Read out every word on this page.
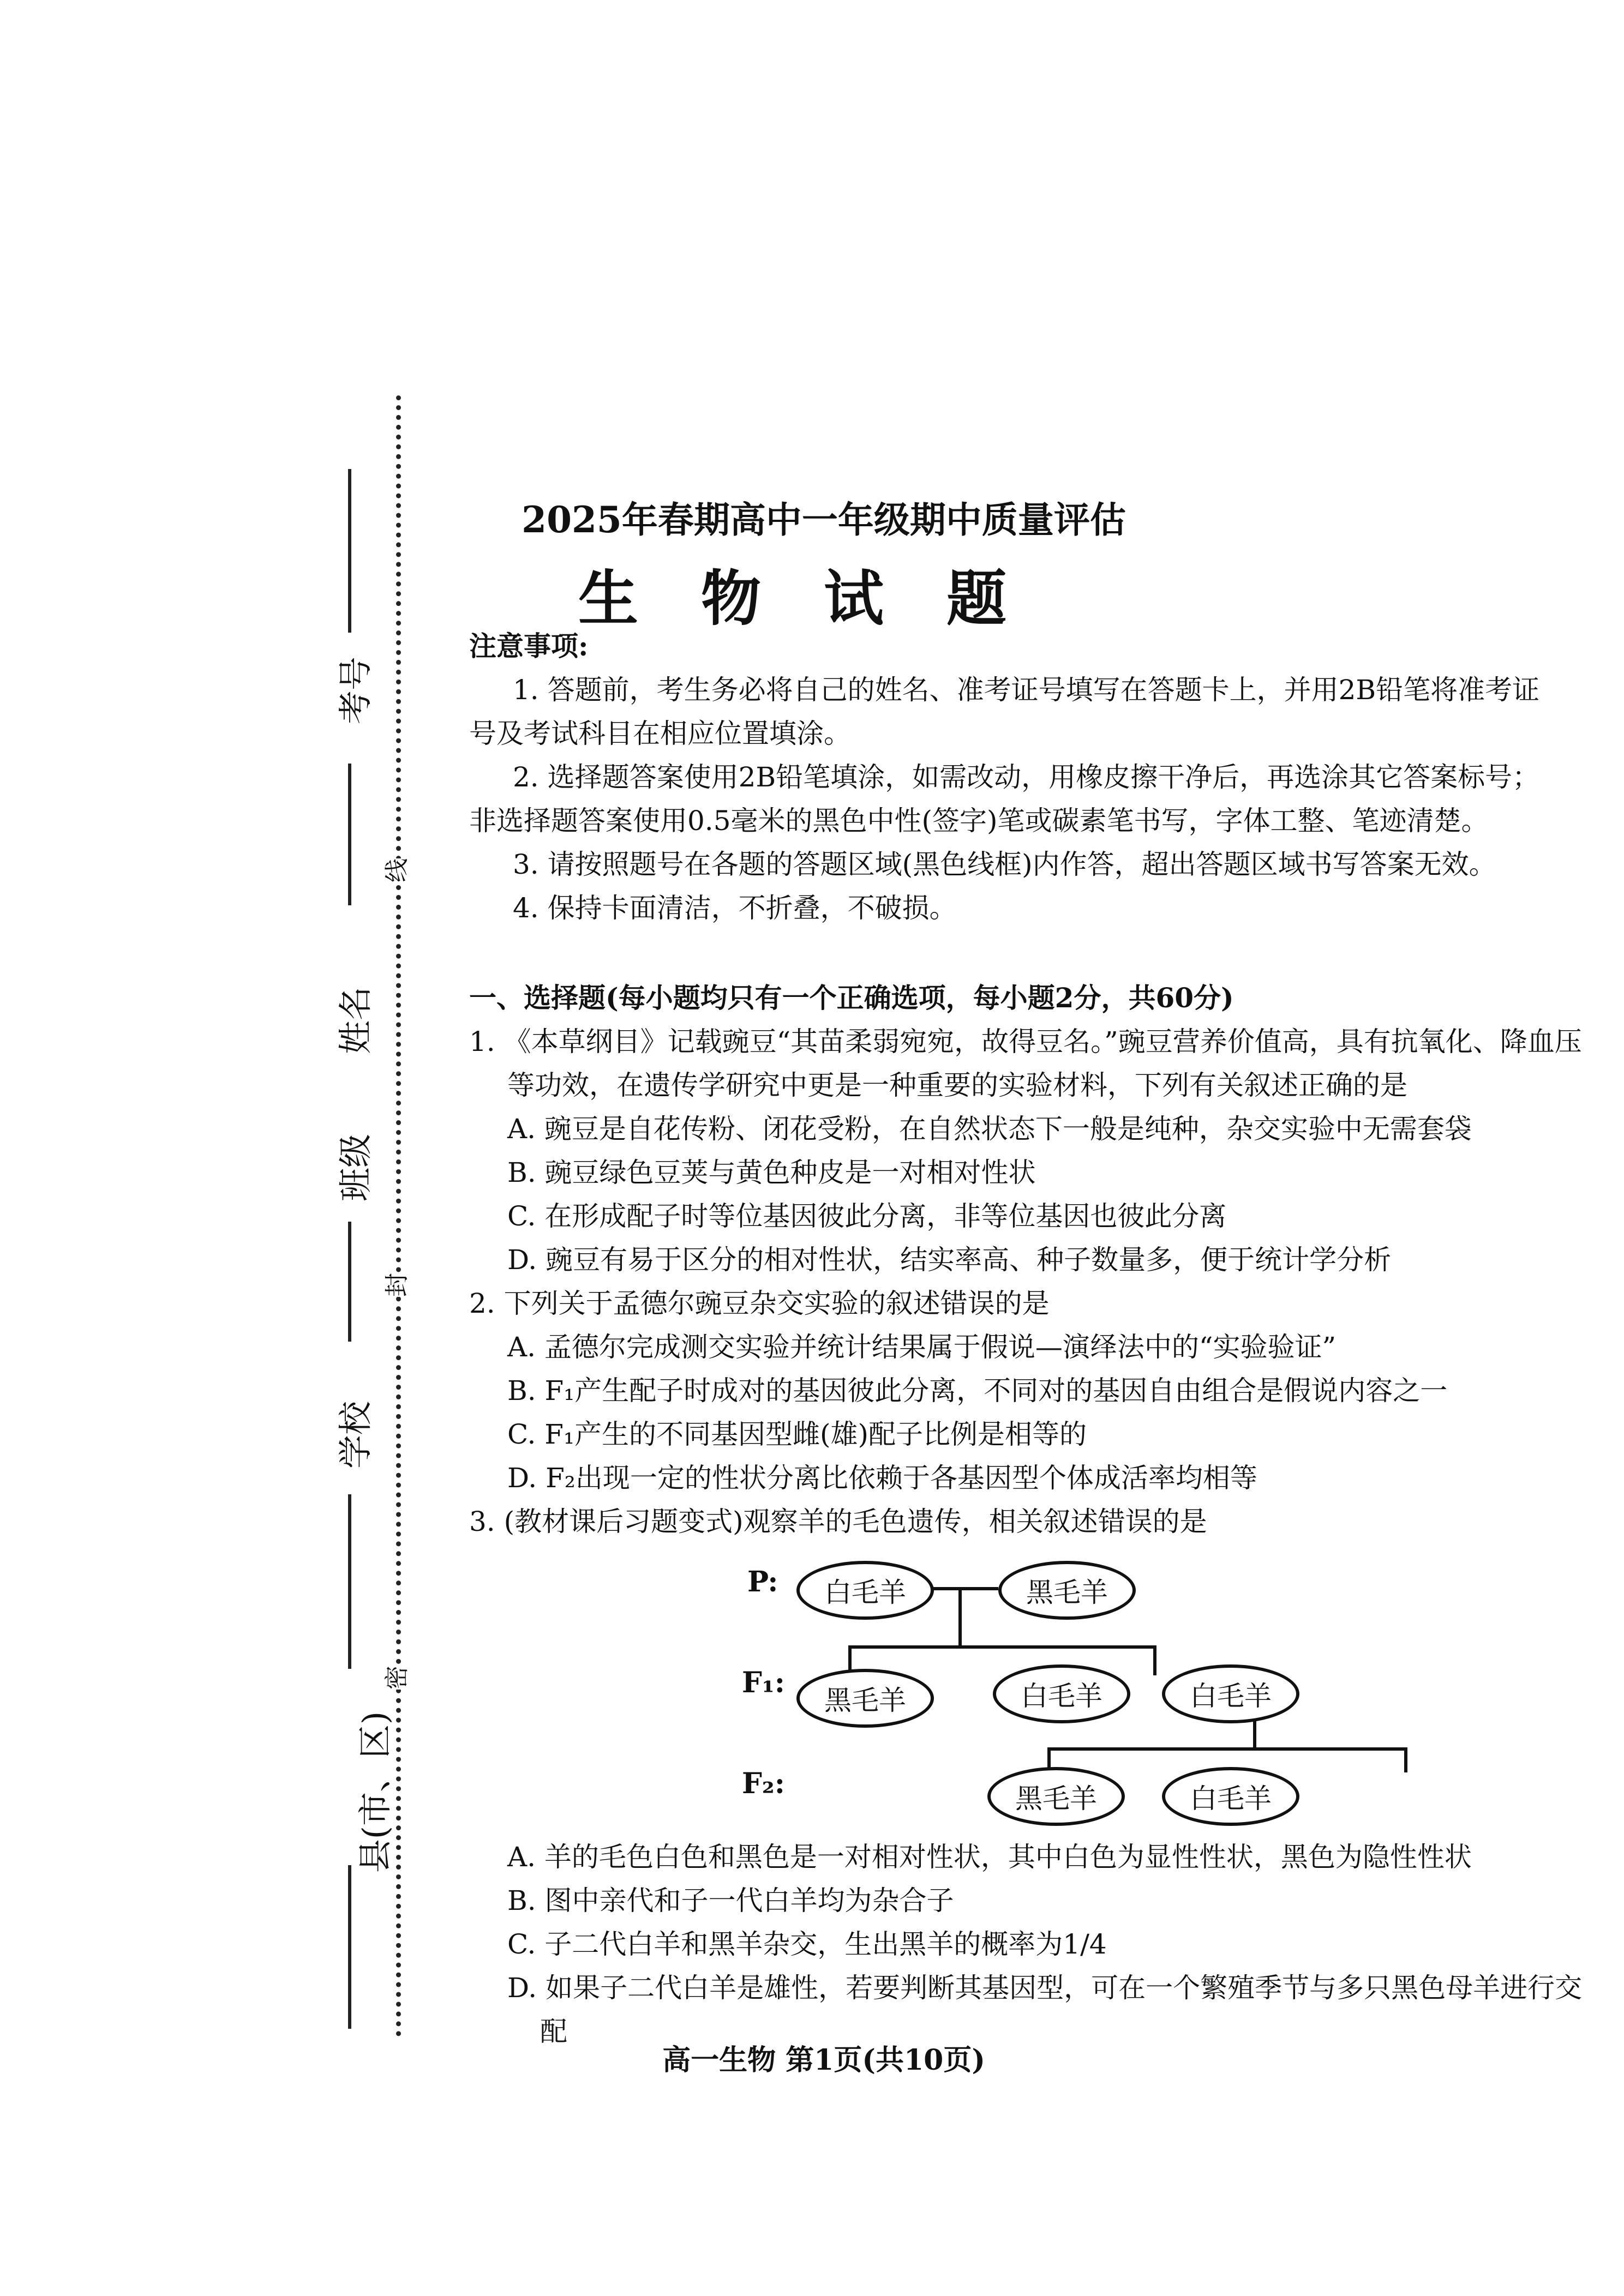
考号
姓名
班级
学校
县(市、区)
线
封
密
2025年春期高中一年级期中质量评估
生物试题
注意事项:
1. 答题前，考生务必将自己的姓名、准考证号填写在答题卡上，并用2B铅笔将准考证号及考试科目在相应位置填涂。
2. 选择题答案使用2B铅笔填涂，如需改动，用橡皮擦干净后，再选涂其它答案标号；非选择题答案使用0.5毫米的黑色中性(签字)笔或碳素笔书写，字体工整、笔迹清楚。
3. 请按照题号在各题的答题区域(黑色线框)内作答，超出答题区域书写答案无效。
4. 保持卡面清洁，不折叠，不破损。
一、选择题(每小题均只有一个正确选项，每小题2分，共60分)
1. 《本草纲目》记载豌豆“其苗柔弱宛宛，故得豆名。”豌豆营养价值高，具有抗氧化、降血压等功效，在遗传学研究中更是一种重要的实验材料，下列有关叙述正确的是
A. 豌豆是自花传粉、闭花受粉，在自然状态下一般是纯种，杂交实验中无需套袋
B. 豌豆绿色豆荚与黄色种皮是一对相对性状
C. 在形成配子时等位基因彼此分离，非等位基因也彼此分离
D. 豌豆有易于区分的相对性状，结实率高、种子数量多，便于统计学分析
2. 下列关于孟德尔豌豆杂交实验的叙述错误的是
A. 孟德尔完成测交实验并统计结果属于假说—演绎法中的“实验验证”
B. F₁产生配子时成对的基因彼此分离，不同对的基因自由组合是假说内容之一
C. F₁产生的不同基因型雌(雄)配子比例是相等的
D. F₂出现一定的性状分离比依赖于各基因型个体成活率均相等
3. (教材课后习题变式)观察羊的毛色遗传，相关叙述错误的是
P:
F₁:
F₂:
白毛羊	黑毛羊
黑毛羊	白毛羊	白毛羊
黑毛羊	白毛羊
A. 羊的毛色白色和黑色是一对相对性状，其中白色为显性性状，黑色为隐性性状
B. 图中亲代和子一代白羊均为杂合子
C. 子二代白羊和黑羊杂交，生出黑羊的概率为1/4
D. 如果子二代白羊是雄性，若要判断其基因型，可在一个繁殖季节与多只黑色母羊进行交配
高一生物 第1页(共10页)
